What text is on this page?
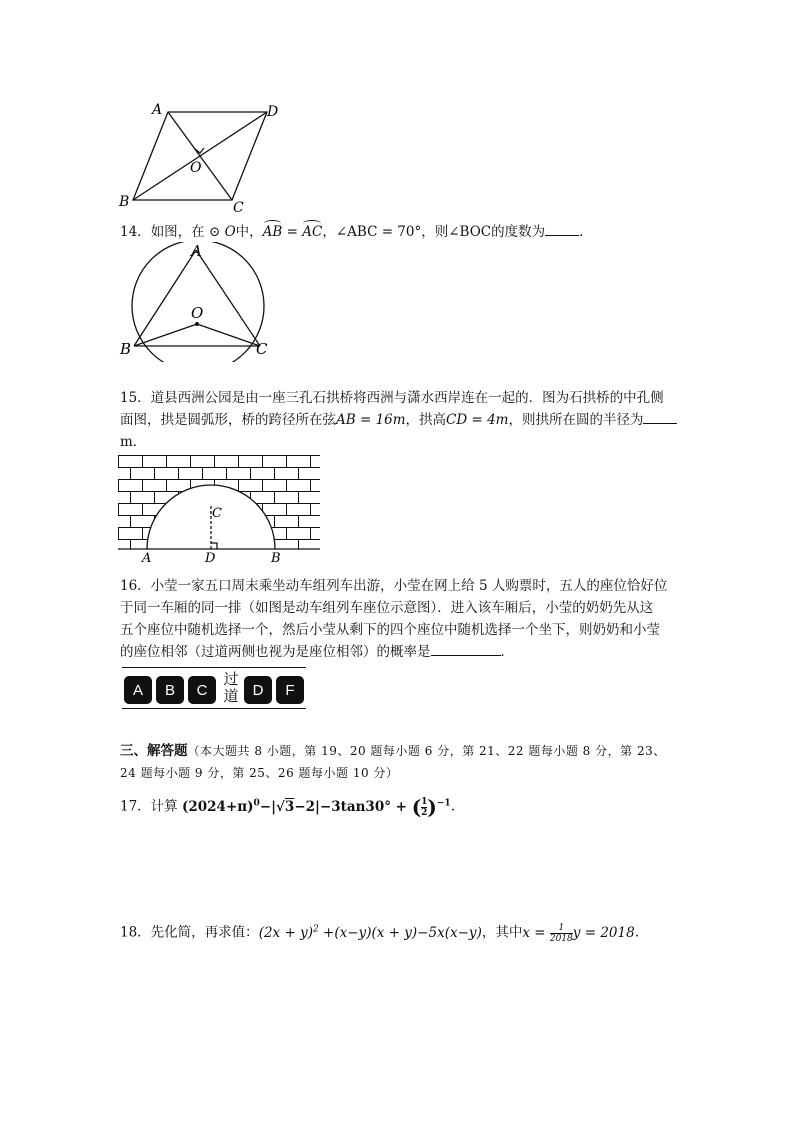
A	D
B	C
O
14．如图，在 ⊙ O中，
AB =
AC，∠ABC = 70°，则∠BOC的度数为	．
A
B	C
O
15．道县西洲公园是由一座三孔石拱桥将西洲与潇水西岸连在一起的．图为石拱桥的中孔侧
面图，拱是圆弧形，桥的跨径所在弦AB = 16m，拱高CD = 4m，则拱所在圆的半径为
m．
C
A	D	B
16．小莹一家五口周末乘坐动车组列车出游，小莹在网上给 5 人购票时，五人的座位恰好位
于同一车厢的同一排（如图是动车组列车座位示意图）．进入该车厢后，小莹的奶奶先从这
五个座位中随机选择一个，然后小莹从剩下的四个座位中随机选择一个坐下，则奶奶和小莹
的座位相邻（过道两侧也视为是座位相邻）的概率是	．
A	B	C
过
道 D	F
三、解答题（本大题共 8 小题，第 19、20 题每小题 6 分，第 21、22 题每小题 8 分，第 23、
24 题每小题 9 分，第 25、26 题每小题 10 分）
17．计算 $(2024+\pi)^0-|√3-2|-3\tan 30^\circ$ + ( $\frac{1}{2} )^{-1}$.
18．先化简，再求值：$(2x + y)^2 +(x-y)(x + y)-5x(x-y)$，其中$x = \frac{1}{2018}$ y = 2018.
